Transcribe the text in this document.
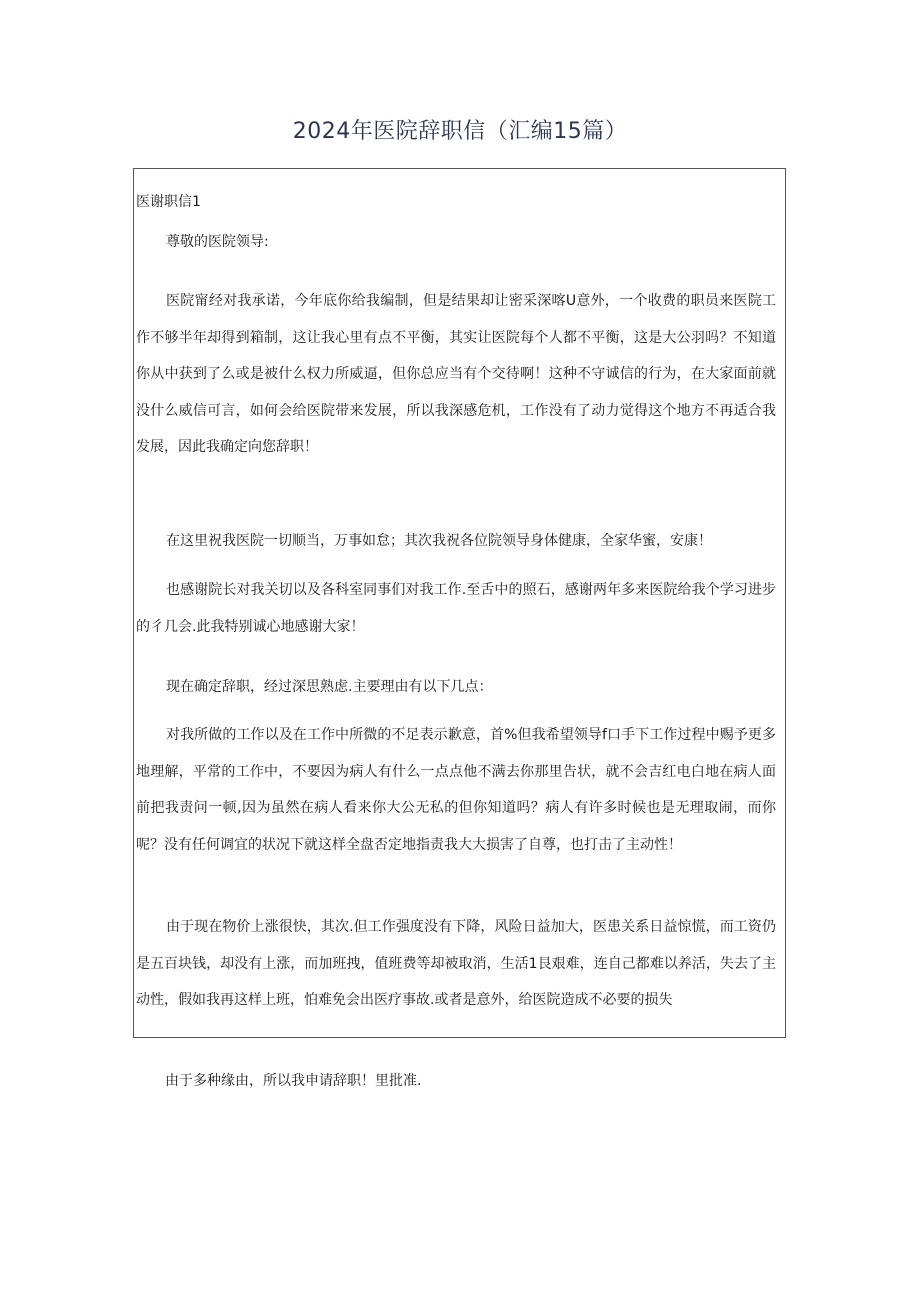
2024年医院辞职信（汇编15篇）
医谢职信1

尊敬的医院领导:

医院甯经对我承诺，今年底你给我编制，但是结果却让密采深喀U意外，一个收费的职员来医院工作不够半年却得到箱制，这让我心里有点不平衡，其实让医院每个人都不平衡，这是大公羽吗？不知道你从中获到了么或是被什么权力所威逼，但你总应当有个交待啊！这种不守诚信的行为，在大家面前就没什么威信可言，如何会给医院带来发展，所以我深感危机，工作没有了动力觉得这个地方不再适合我发展，因此我确定向您辞职！

在这里祝我医院一切顺当，万事如怠；其次我祝各位院领导身体健康，全家华蜜，安康！

也感谢院长对我关切以及各科室同事们对我工作.至舌中的照石，感谢两年多来医院给我个学习进步的彳几会.此我特别诚心地感谢大家！

现在确定辞职，经过深思熟虑.主要理由有以下几点：

对我所做的工作以及在工作中所微的不足表示歉意，首%但我希望领导f口手下工作过程中赐予更多地理解，平常的工作中，不要因为病人有什么一点点他不满去你那里告状，就不会吉红电白地在病人面前把我责问一顿,因为虽然在病人看来你大公无私的但你知道吗？病人有许多时候也是无理取闹，而你呢？没有任何调宜的状况下就这样全盘否定地指责我大大损害了自尊，也打击了主动性！

由于现在物价上涨很快，其次.但工作强度没有下降，风险日益加大，医患关系日益惊慌，而工资仍是五百块钱，却没有上涨，而加班拽，值班费等却被取消，生活1艮艰难，连自己都难以养活，失去了主动性，假如我再这样上班，怕难免会出医疗事故.或者是意外，给医院造成不必要的损失

由于多种缘由，所以我申请辞职！里批准.
